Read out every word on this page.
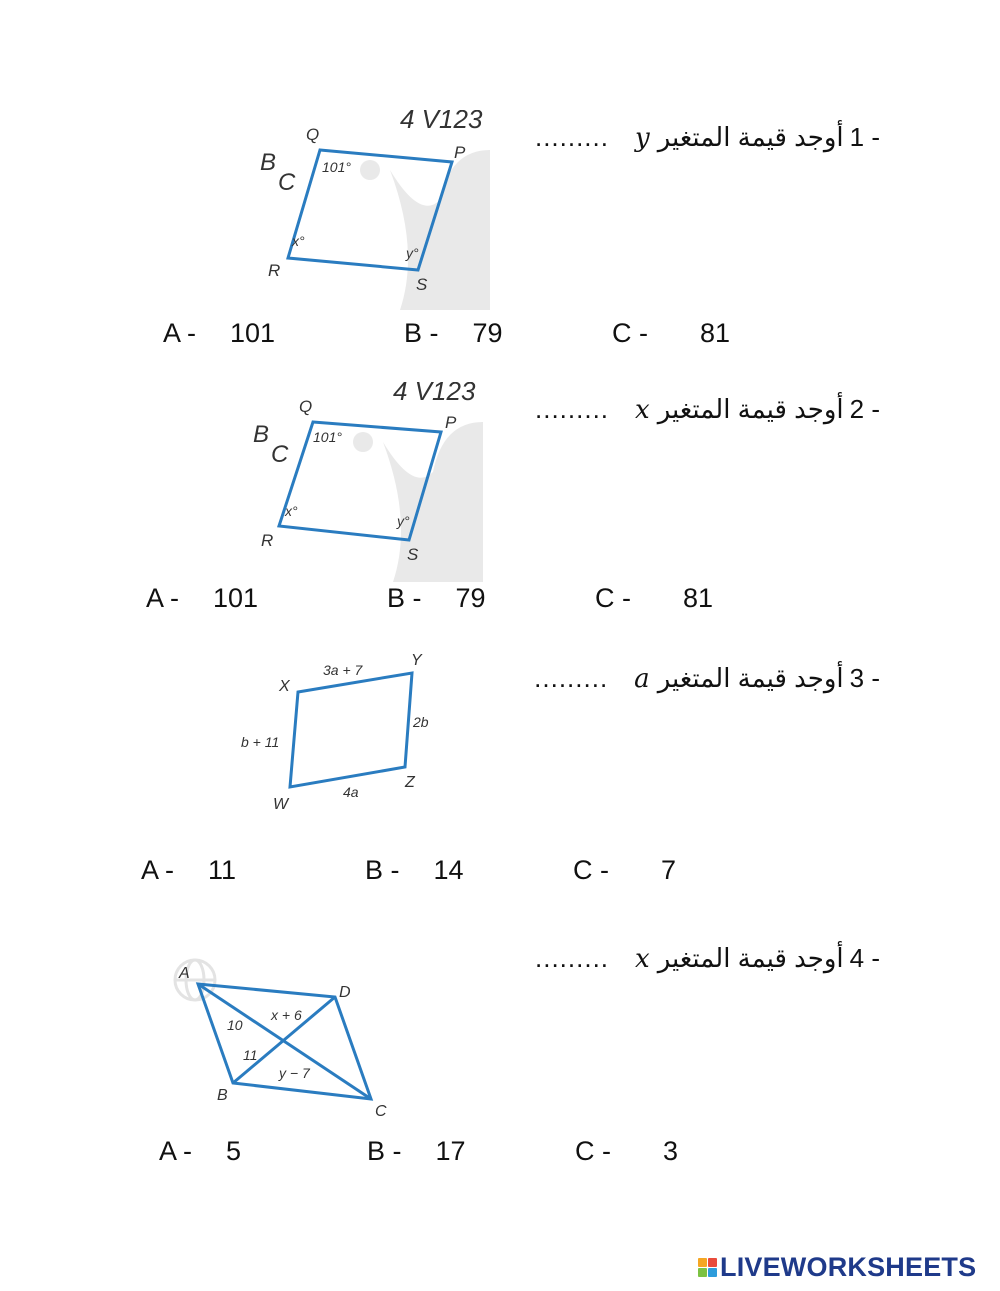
......... y أوجد قيمة المتغير 1 -
4 V123
B
C
Q
P
S
R
101°
x°
y°
A - 101	B - 79	C - 81
......... x أوجد قيمة المتغير 2 -
4 V123
B
C
Q
P
S
R
101°
x°
y°
A - 101	B - 79	C - 81
......... a أوجد قيمة المتغير 3 -
X
Y
Z
W
3a + 7
2b
4a
b + 11
A - 11	B - 14	C - 7
......... x أوجد قيمة المتغير 4 -
A
D
C
B
10
11
x + 6
y − 7
A - 5	B - 17	C - 3
LIVEWORKSHEETS
